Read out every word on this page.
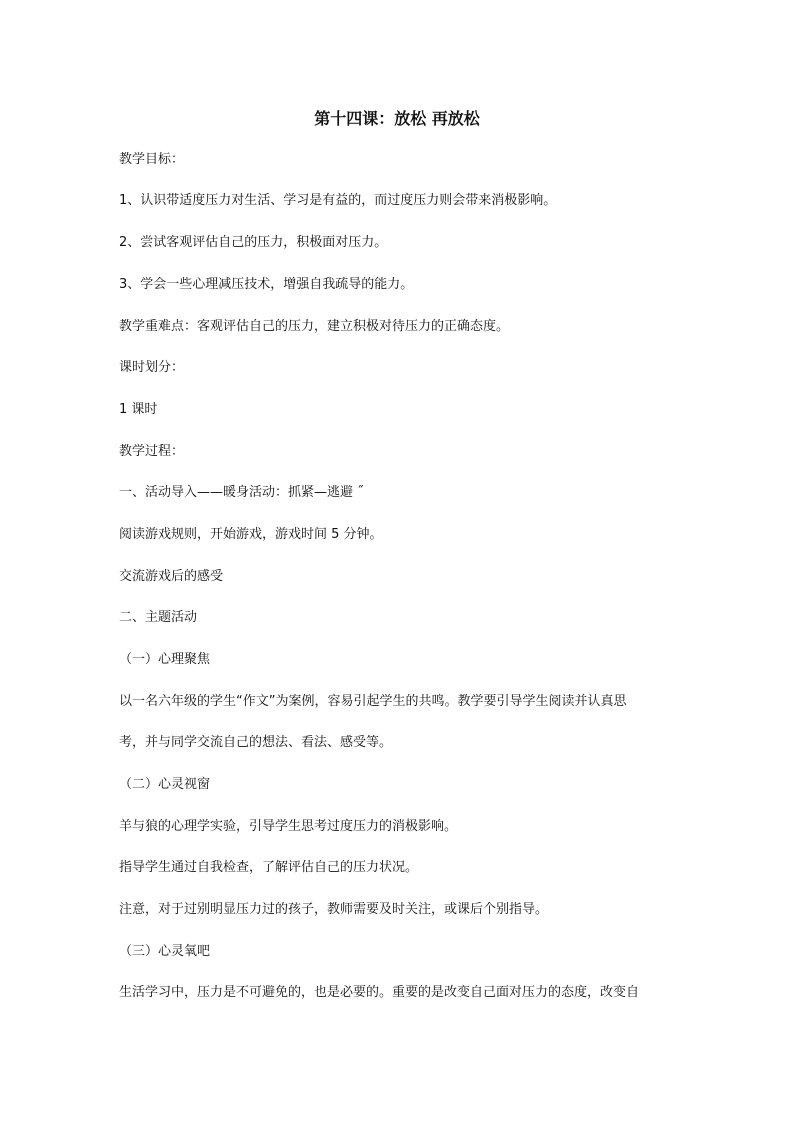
第十四课：放松 再放松
教学目标：
1、认识带适度压力对生活、学习是有益的，而过度压力则会带来消极影响。
2、尝试客观评估自己的压力，积极面对压力。
3、学会一些心理减压技术，增强自我疏导的能力。
教学重难点：客观评估自己的压力，建立积极对待压力的正确态度。
课时划分：
1 课时
教学过程：
一、活动导入——暖身活动：抓紧—逃避 ˝
阅读游戏规则，开始游戏，游戏时间 5 分钟。
交流游戏后的感受
二、主题活动
（一）心理聚焦
以一名六年级的学生“作文”为案例，容易引起学生的共鸣。教学要引导学生阅读并认真思
考，并与同学交流自己的想法、看法、感受等。
（二）心灵视窗
羊与狼的心理学实验，引导学生思考过度压力的消极影响。
指导学生通过自我检查，了解评估自己的压力状况。
注意，对于过别明显压力过的孩子，教师需要及时关注，或课后个别指导。
（三）心灵氧吧
生活学习中，压力是不可避免的，也是必要的。重要的是改变自己面对压力的态度，改变自
